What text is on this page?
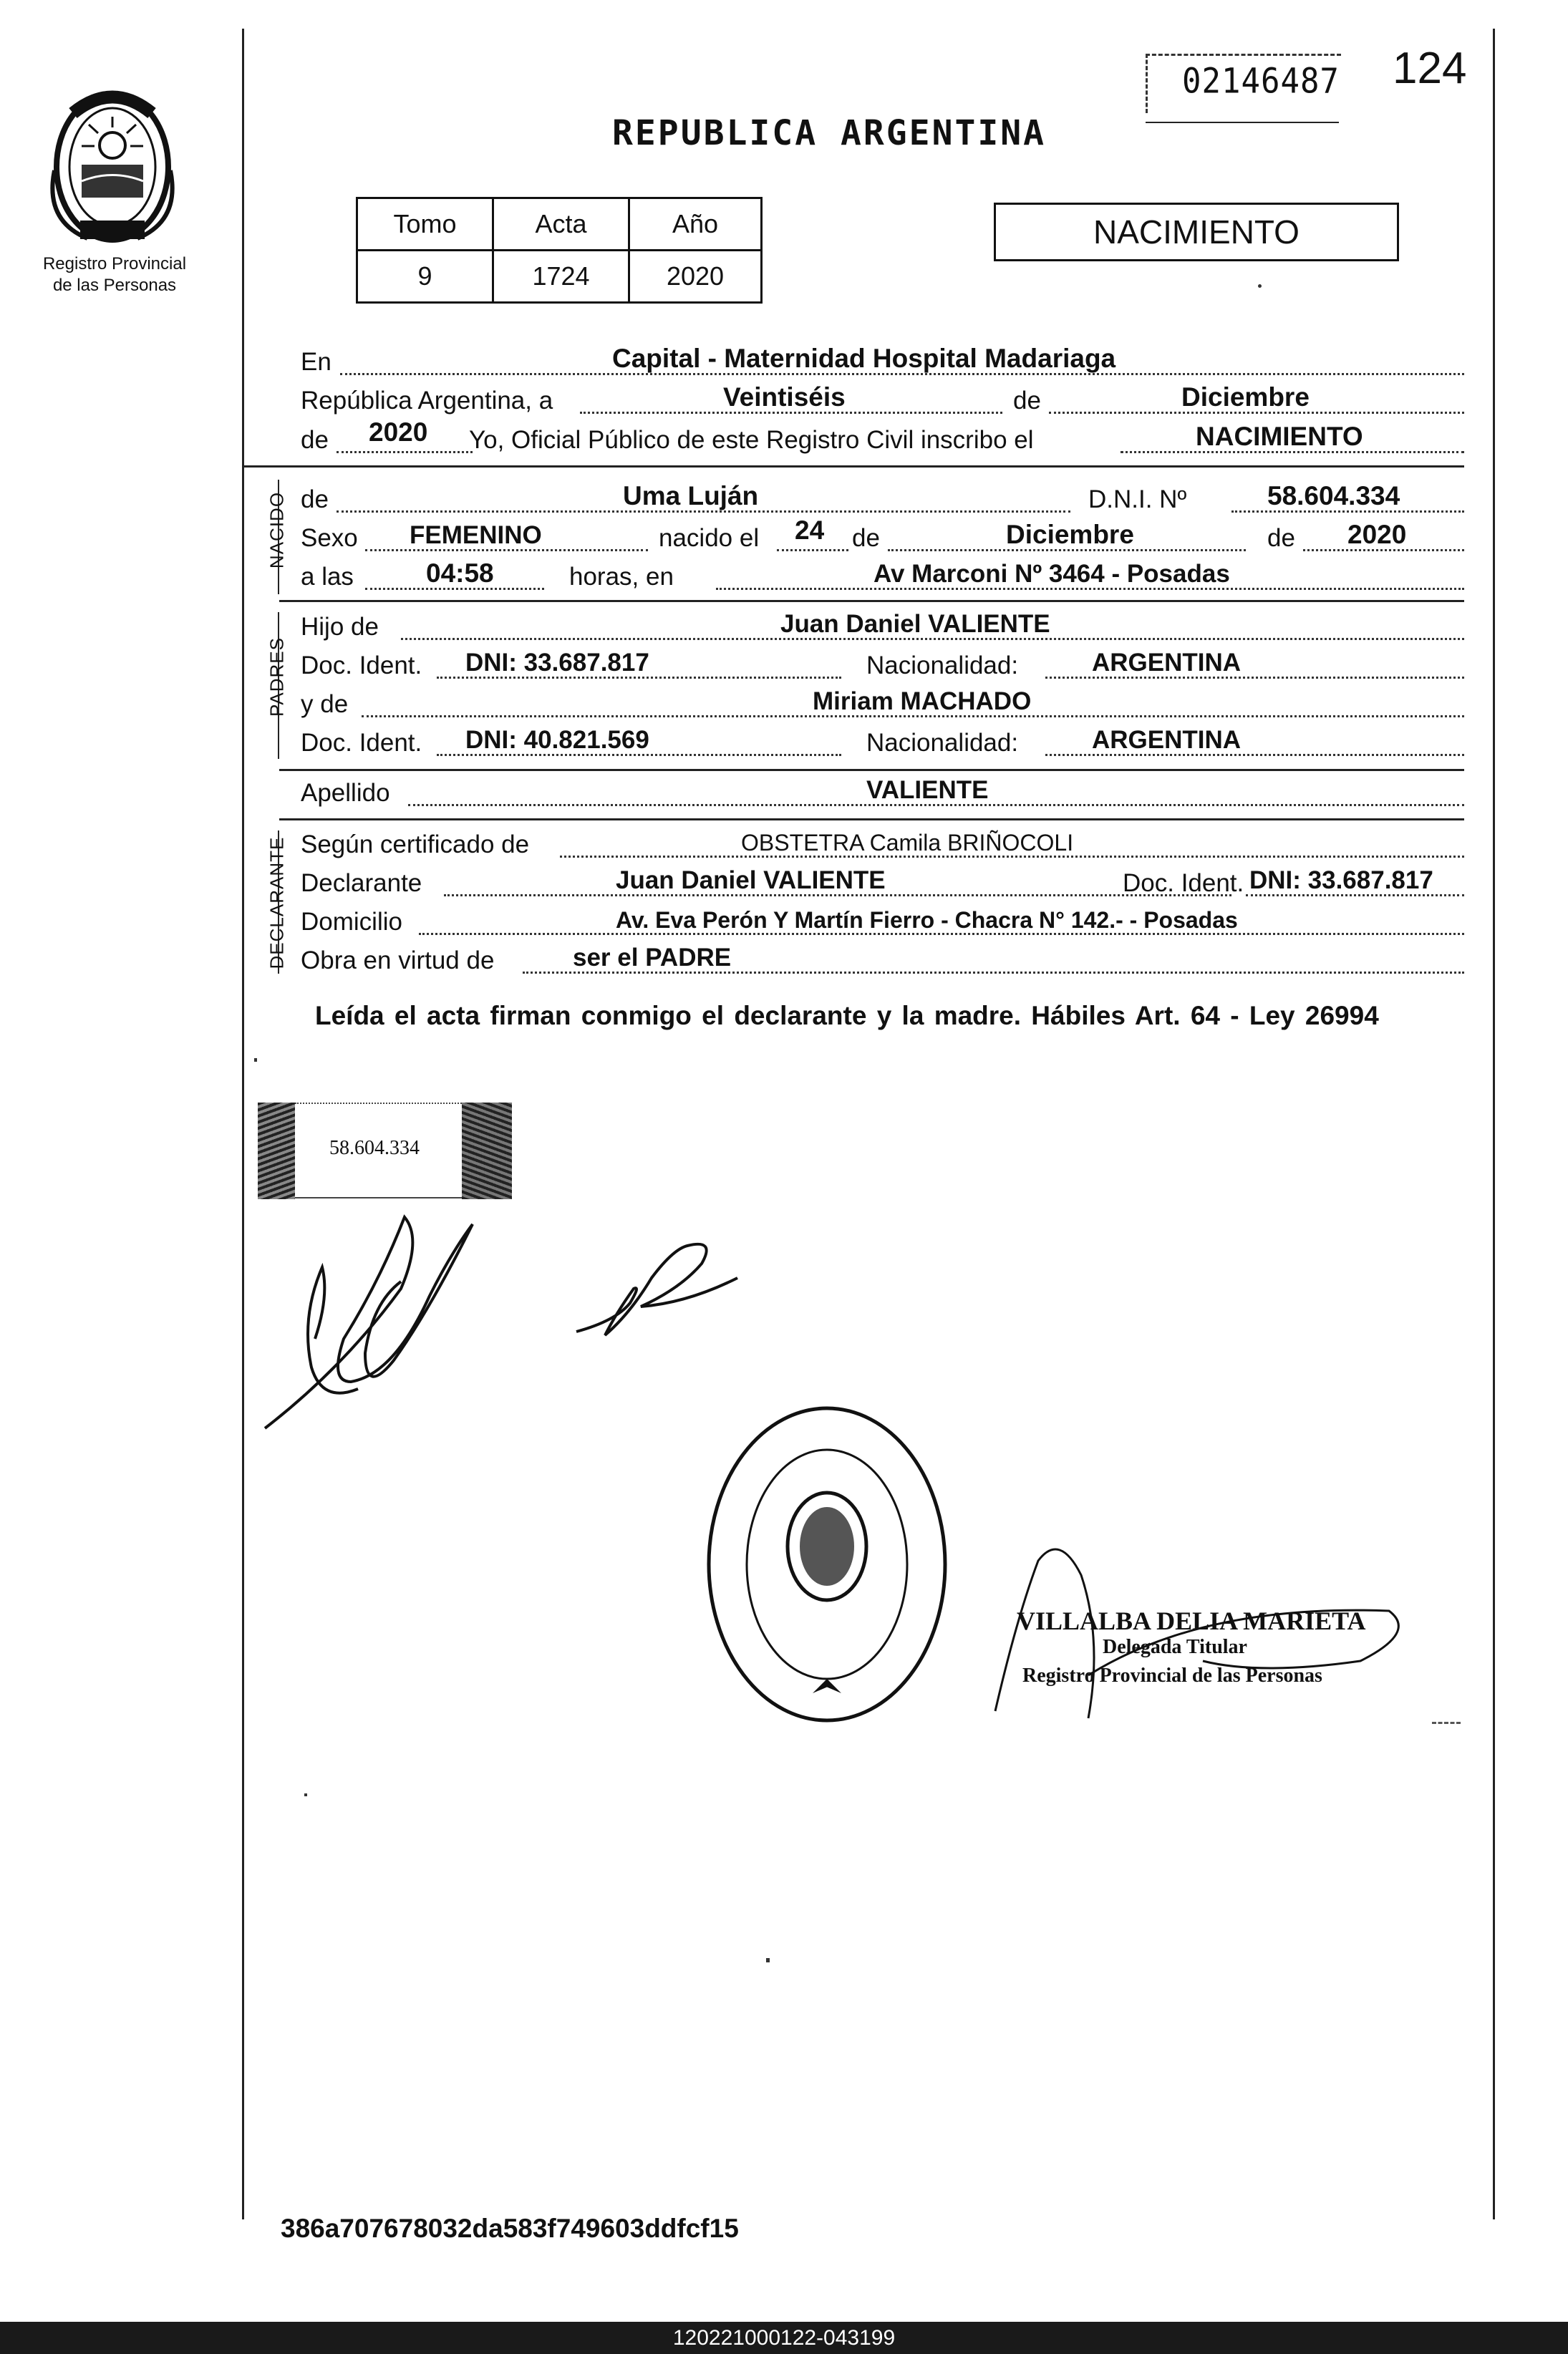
Registro Provincial
de las Personas
02146487 124
REPUBLICA ARGENTINA
Tomo	Acta	Año
9	1724	2020
NACIMIENTO
En	Capital - Maternidad Hospital Madariaga
República Argentina, a	Veintiséis	de	Diciembre
de 2020 Yo, Oficial Público de este Registro Civil inscribo el	NACIMIENTO
NACIDO de	Uma Luján	D.N.I. Nº	58.604.334
Sexo FEMENINO	nacido el 24 de	Diciembre	de 2020
a las	04:58	horas, en	Av Marconi Nº 3464 - Posadas
PADRES
Hijo de	Juan Daniel VALIENTE
Doc. Ident. DNI: 33.687.817	Nacionalidad:	ARGENTINA
y de	Miriam MACHADO
Doc. Ident. DNI: 40.821.569	Nacionalidad:	ARGENTINA
Apellido	VALIENTE
DECLARANTE Según certificado de	OBSTETRA Camila BRIÑOCOLI
Declarante	Juan Daniel VALIENTE	Doc. Ident. DNI: 33.687.817
Domicilio	Av. Eva Perón Y Martín Fierro - Chacra N° 142.- - Posadas
Obra en virtud de	ser el PADRE
Leída el acta firman conmigo el declarante y la madre. Hábiles Art. 64 - Ley 26994
58.604.334
VILLALBA DELIA MARIETA
Delegada Titular
Registro Provincial de las Personas
386a707678032da583f749603ddfcf15
120221000122-043199
